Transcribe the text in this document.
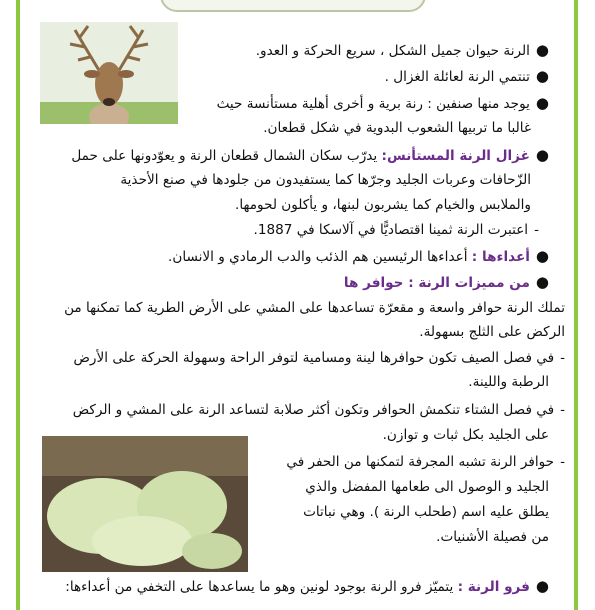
●الرنة حيوان جميل الشكل ، سريع الحركة و العدو.
●تنتمي الرنة لعائلة الغزال .
●يوجد منها صنفين : رنة برية و أخرى أهلية مستأنسة حيث
غالبا ما تربيها الشعوب البدوية في شكل قطعان.
●غزال الرنة المستأنس: يدرّب سكان الشمال قطعان الرنة و يعوّدونها على حمل
الزّحافات وعربات الجليد وجرّها كما يستفيدون من جلودها في صنع الأحذية
والملابس والخيام كما يشربون لبنها، و يأكلون لحومها.
-اعتبرت الرنة ثمينا اقتصاديًّا في آلاسكا في 1887.
●أعداءها : أعداءها الرئيسين هم الذئب والدب الرمادي و الانسان.
●من مميزات الرنة : حوافر ها
تملك الرنة حوافر واسعة و مقعرّة تساعدها على المشي على الأرض الطرية كما تمكنها من
الركض على الثلج بسهولة.
-في فصل الصيف تكون حوافرها لينة ومسامية لتوفر الراحة وسهولة الحركة على الأرض
الرطبة واللينة.
-في فصل الشتاء تنكمش الحوافر وتكون أكثر صلابة لتساعد الرنة على المشي و الركض
على الجليد بكل ثبات و توازن.
-حوافر الرنة تشبه المجرفة لتمكنها من الحفر في
الجليد و الوصول الى طعامها المفضل والذي
يطلق عليه اسم (طحلب الرنة ). وهي نباتات
من فصيلة الأشنيات.
●فرو الرنة : يتميّز فرو الرنة بوجود لونين وهو ما يساعدها على التخفي من أعداءها:
